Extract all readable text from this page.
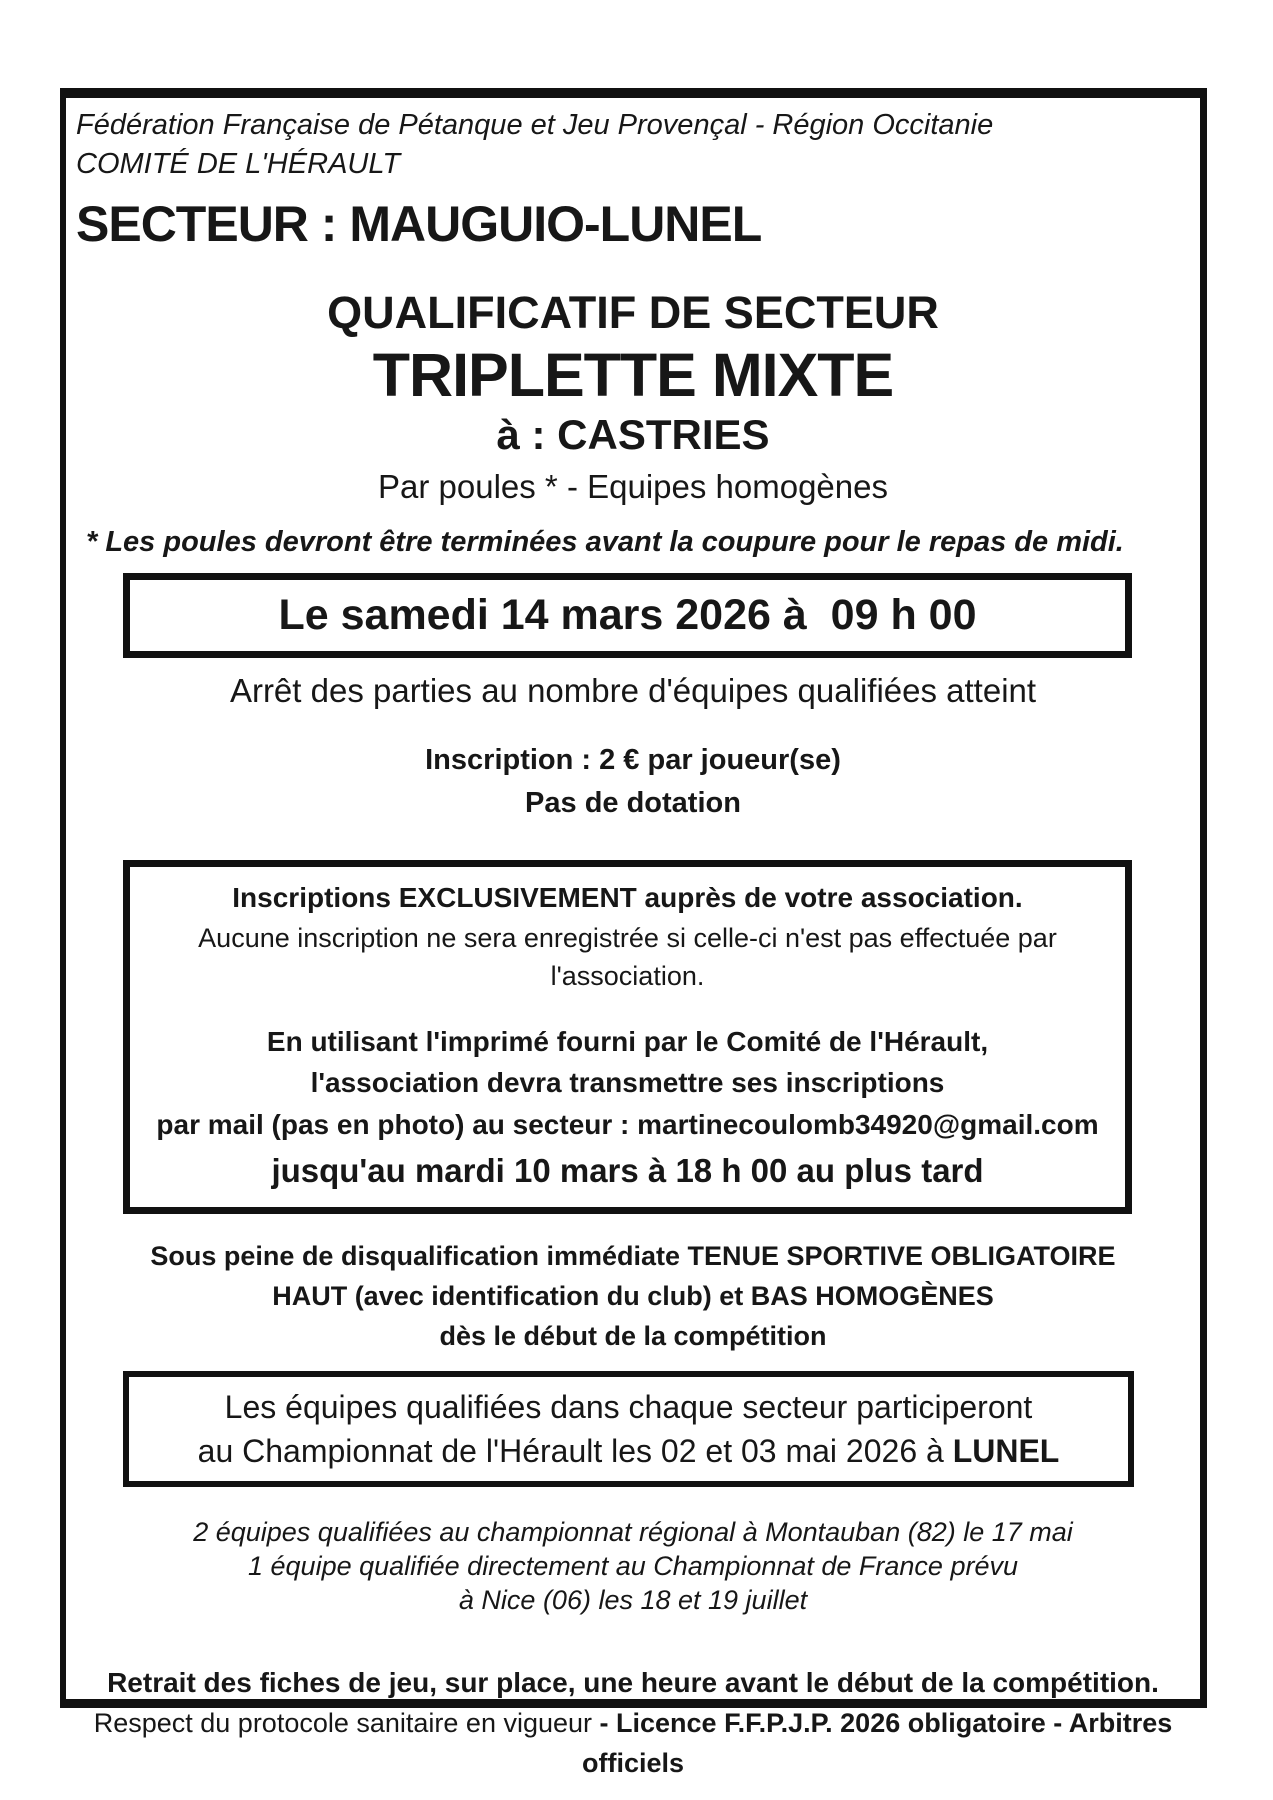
Fédération Française de Pétanque et Jeu Provençal - Région Occitanie
COMITÉ DE L'HÉRAULT
SECTEUR : MAUGUIO-LUNEL
QUALIFICATIF DE SECTEUR
TRIPLETTE MIXTE
à : CASTRIES
Par poules * - Equipes homogènes
* Les poules devront être terminées avant la coupure pour le repas de midi.
Le samedi 14 mars 2026 à  09 h 00
Arrêt des parties au nombre d'équipes qualifiées atteint
Inscription : 2 € par joueur(se)
Pas de dotation
Inscriptions EXCLUSIVEMENT auprès de votre association.
Aucune inscription ne sera enregistrée si celle-ci n'est pas effectuée par l'association.
En utilisant l'imprimé fourni par le Comité de l'Hérault,
l'association devra transmettre ses inscriptions
par mail (pas en photo) au secteur : martinecoulomb34920@gmail.com
jusqu'au mardi 10 mars à 18 h 00 au plus tard
Sous peine de disqualification immédiate TENUE SPORTIVE OBLIGATOIRE
HAUT (avec identification du club) et BAS HOMOGÈNES
dès le début de la compétition
Les équipes qualifiées dans chaque secteur participeront
au Championnat de l'Hérault les 02 et 03 mai 2026 à LUNEL
2 équipes qualifiées au championnat régional à Montauban (82) le 17 mai
1 équipe qualifiée directement au Championnat de France prévu
à Nice (06) les 18 et 19 juillet
Retrait des fiches de jeu, sur place, une heure avant le début de la compétition.
Respect du protocole sanitaire en vigueur - Licence F.F.P.J.P. 2026 obligatoire - Arbitres officiels
